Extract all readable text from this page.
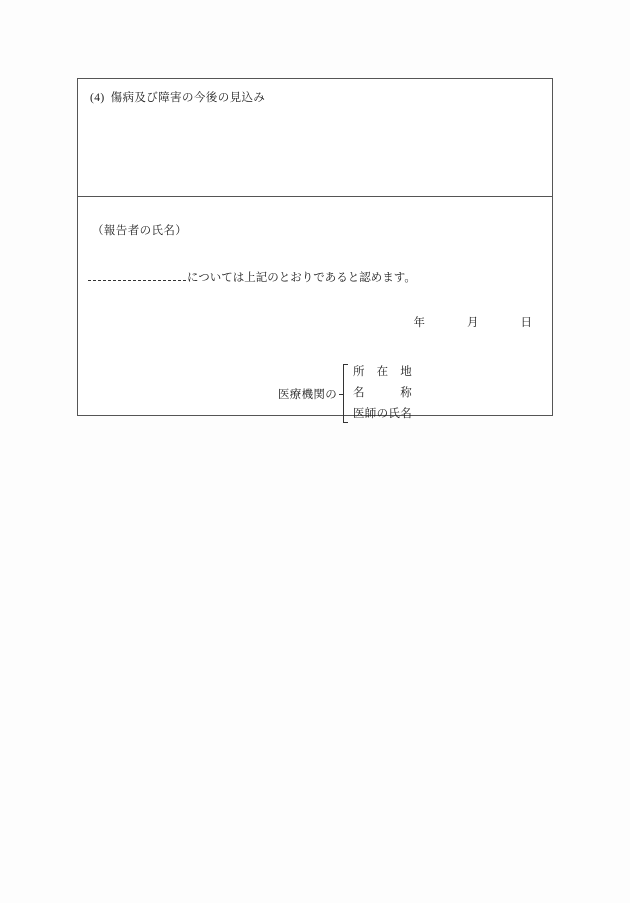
(4) 傷病及び障害の今後の見込み
（報告者の氏名）
については上記のとおりであると認めます。
年	月	日
医療機関の
所　在　地
名　　　称
医師の氏名
